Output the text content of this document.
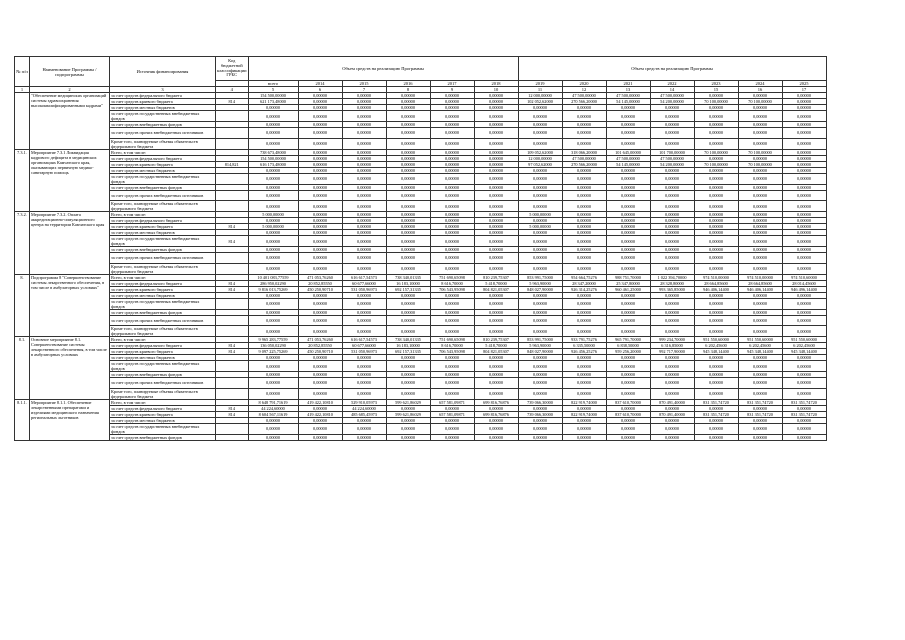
№ п/п	Наименование Программы / подпрограммы	Источник финансирования	Код бюджетной классификации ГРБС	Объем средств на реализацию Программы						Объем средств на реализацию Программы						
				всего	2014	2015	2016	2017	2018	2019	2020	2021	2022	2023	2024	2025
1	2	3	4	5	6	7	8	9	10	11	12	13	14	15	16	17
	"Обеспечение медицинских организаций системы здравоохранения высококвалифицированными кадрами"	за счет средств федерального бюджета		154 500,00000	0,00000	0,00000	0,00000	0,00000	0,00000	12 000,00000	47 500,00000	47 500,00000	47 500,00000	0,00000	0,00000	0,00000
		за счет средств краевого бюджета	814	621 173,48000	0,00000	0,00000	0,00000	0,00000	0,00000	102 052,62000	270 566,20000	54 145,00000	54 200,00000	70 100,00000	70 100,00000	0,00000
		за счет средств местных бюджетов		0,00000	0,00000	0,00000	0,00000	0,00000	0,00000	0,00000	0,00000	0,00000	0,00000	0,00000	0,00000	0,00000
		за счет средств государственных внебюджетных фондов		0,00000	0,00000	0,00000	0,00000	0,00000	0,00000	0,00000	0,00000	0,00000	0,00000	0,00000	0,00000	0,00000
		за счет средств внебюджетных фондов		0,00000	0,00000	0,00000	0,00000	0,00000	0,00000	0,00000	0,00000	0,00000	0,00000	0,00000	0,00000	0,00000
		за счет средств прочих внебюджетных источников		0,00000	0,00000	0,00000	0,00000	0,00000	0,00000	0,00000	0,00000	0,00000	0,00000	0,00000	0,00000	0,00000
		Кроме того, планируемые объемы обязательств федерального бюджета		0,00000	0,00000	0,00000	0,00000	0,00000	0,00000	0,00000	0,00000	0,00000	0,00000	0,00000	0,00000	0,00000
7.3.1.	Мероприятие 7.3.1 Ликвидация кадрового дефицита в медицинских организациях Камчатского края, оказывающих первичную медико-санитарную помощь	Всего, в том числе:		738 673,48000	0,00000	0,00000	0,00000	0,00000	0,00000	109 052,62000	318 066,20000	101 645,00000	101 700,00000	70 100,00000	70 100,00000	0,00000
		за счет средств федерального бюджета		154 500,00000	0,00000	0,00000	0,00000	0,00000	0,00000	12 000,00000	47 500,00000	47 500,00000	47 500,00000	0,00000	0,00000	0,00000
		за счет средств краевого бюджета	814,821	616 173,48000	0,00000	0,00000	0,00000	0,00000	0,00000	97 052,62000	270 566,20000	54 145,00000	54 200,00000	70 100,00000	70 100,00000	0,00000
		за счет средств местных бюджетов		0,00000	0,00000	0,00000	0,00000	0,00000	0,00000	0,00000	0,00000	0,00000	0,00000	0,00000	0,00000	0,00000
		за счет средств государственных внебюджетных фондов		0,00000	0,00000	0,00000	0,00000	0,00000	0,00000	0,00000	0,00000	0,00000	0,00000	0,00000	0,00000	0,00000
		за счет средств внебюджетных фондов		0,00000	0,00000	0,00000	0,00000	0,00000	0,00000	0,00000	0,00000	0,00000	0,00000	0,00000	0,00000	0,00000
		за счет средств прочих внебюджетных источников		0,00000	0,00000	0,00000	0,00000	0,00000	0,00000	0,00000	0,00000	0,00000	0,00000	0,00000	0,00000	0,00000
		Кроме того, планируемые объемы обязательств федерального бюджета		0,00000	0,00000	0,00000	0,00000	0,00000	0,00000	0,00000	0,00000	0,00000	0,00000	0,00000	0,00000	0,00000
7.3.2.	Мероприятие 7.3.2. Оплата аккредитационно-симуляционного центра на территории Камчатского края	Всего, в том числе:		5 000,00000	0,00000	0,00000	0,00000	0,00000	0,00000	5 000,00000	0,00000	0,00000	0,00000	0,00000	0,00000	0,00000
		за счет средств федерального бюджета		0,00000	0,00000	0,00000	0,00000	0,00000	0,00000	0,00000	0,00000	0,00000	0,00000	0,00000	0,00000	0,00000
		за счет средств краевого бюджета	814	5 000,00000	0,00000	0,00000	0,00000	0,00000	0,00000	5 000,00000	0,00000	0,00000	0,00000	0,00000	0,00000	0,00000
		за счет средств местных бюджетов		0,00000	0,00000	0,00000	0,00000	0,00000	0,00000	0,00000	0,00000	0,00000	0,00000	0,00000	0,00000	0,00000
		за счет средств государственных внебюджетных фондов	814	0,00000	0,00000	0,00000	0,00000	0,00000	0,00000	0,00000	0,00000	0,00000	0,00000	0,00000	0,00000	0,00000
		за счет средств внебюджетных фондов		0,00000	0,00000	0,00000	0,00000	0,00000	0,00000	0,00000	0,00000	0,00000	0,00000	0,00000	0,00000	0,00000
		за счет средств прочих внебюджетных источников		0,00000	0,00000	0,00000	0,00000	0,00000	0,00000	0,00000	0,00000	0,00000	0,00000	0,00000	0,00000	0,00000
		Кроме того, планируемые объемы обязательств федерального бюджета		0,00000	0,00000	0,00000	0,00000	0,00000	0,00000	0,00000	0,00000	0,00000	0,00000	0,00000	0,00000	0,00000
8.	Подпрограмма 8 "Совершенствование системы лекарственного обеспечения, в том числе в амбулаторных условиях"	Всего, в том числе:		10 401 083,77559	471 053,76260	616 617,54573	738 340,01335	751 690,65098	810 239,75307	853 991,75000	954 664,75276	988 751,70000	1 022 394,70000	974 510,00000	974 510,00000	974 510,60000
		за счет средств федерального бюджета	814	286 950,02290	20 852,85550	60 677,66000	16 183,10000	8 616,70000	5 418,70000	5 963,90000	28 347,20000	25 347,80000	28 328,80000	28 664,85600	28 664,85600	28 014,45600
		за счет средств краевого бюджета	814	9 816 013,75269	450 250,90710	531 050,96973	692 157,31335	706 543,95098	804 821,05307	848 027,90000	926 314,25276	960 461,25000	993 365,85000	946 406,14400	946 406,14400	946 496,14400
		за счет средств местных бюджетов		0,00000	0,00000	0,00000	0,00000	0,00000	0,00000	0,00000	0,00000	0,00000	0,00000	0,00000	0,00000	0,00000
		за счет средств государственных внебюджетных фондов		0,00000	0,00000	0,00000	0,00000	0,00000	0,00000	0,00000	0,00000	0,00000	0,00000	0,00000	0,00000	0,00000
		за счет средств внебюджетных фондов		0,00000	0,00000	0,00000	0,00000	0,00000	0,00000	0,00000	0,00000	0,00000	0,00000	0,00000	0,00000	0,00000
		за счет средств прочих внебюджетных источников		0,00000	0,00000	0,00000	0,00000	0,00000	0,00000	0,00000	0,00000	0,00000	0,00000	0,00000	0,00000	0,00000
		Кроме того, планируемые объемы обязательств федерального бюджета		0,00000	0,00000	0,00000	0,00000	0,00000	0,00000	0,00000	0,00000	0,00000	0,00000	0,00000	0,00000	0,00000
8.1.	Основное мероприятие 8.1. Совершенствование системы лекарственного обеспечения, в том числе в амбулаторных условиях	Всего, в том числе:		9 965 283,77559	471 053,76260	616 617,54573	738 340,01335	751 690,65098	810 239,75307	853 991,75000	933 791,75276	965 791,70000	999 234,70000	951 550,60000	951 550,60000	951 550,60000
		за счет средств федерального бюджета	814	136 050,02290	20 852,85550	60 677,66000	16 183,10000	8 616,70000	5 418,70000	5 963,90000	6 335,50000	6 838,50000	6 316,85000	6 202,45600	6 202,45600	6 202,45600
		за счет средств краевого бюджета	814	9 097 225,75269	450 250,90710	531 050,96973	692 157,31335	706 543,95098	804 821,05307	848 027,90000	926 456,25276	959 256,20000	992 717,90000	945 348,14400	945 348,14400	945 348,14400
		за счет средств местных бюджетов		0,00000	0,00000	0,00000	0,00000	0,00000	0,00000	0,00000	0,00000	0,00000	0,00000	0,00000	0,00000	0,00000
		за счет средств государственных внебюджетных фондов		0,00000	0,00000	0,00000	0,00000	0,00000	0,00000	0,00000	0,00000	0,00000	0,00000	0,00000	0,00000	0,00000
		за счет средств внебюджетных фондов		0,00000	0,00000	0,00000	0,00000	0,00000	0,00000	0,00000	0,00000	0,00000	0,00000	0,00000	0,00000	0,00000
		за счет средств прочих внебюджетных источников		0,00000	0,00000	0,00000	0,00000	0,00000	0,00000	0,00000	0,00000	0,00000	0,00000	0,00000	0,00000	0,00000
		Кроме того, планируемые объемы обязательств федерального бюджета		0,00000	0,00000	0,00000	0,00000	0,00000	0,00000	0,00000	0,00000	0,00000	0,00000	0,00000	0,00000	0,00000
8.1.1.	Мероприятие 8.1.1. Обеспечение лекарственными препаратами и изделиями медицинского назначения региональных льготников	Всего, в том числе:		8 648 791,71619	419 422,10810	529 910,05973	599 621,86029	657 581,09871	699 816,76876	739 066,30000	822 919,74000	837 610,70000	870 491,40000	831 351,74720	831 351,74720	831 351,74720
		за счет средств федерального бюджета	814	44 224,60000	0,00000	44 224,60000	0,00000	0,00000	0,00000	0,00000	0,00000	0,00000	0,00000	0,00000	0,00000	0,00000
		за счет средств краевого бюджета	814	8 604 567,11619	419 422,10810	485 685,45973	599 621,86029	657 581,09871	699 816,76876	739 066,30000	822 919,74000	837 610,70000	870 491,40000	831 351,74720	831 351,74720	831 351,74720
		за счет средств местных бюджетов		0,00000	0,00000	0,00000	0,00000	0,00000	0,00000	0,00000	0,00000	0,00000	0,00000	0,00000	0,00000	0,00000
		за счет средств государственных внебюджетных фондов		0,00000	0,00000	0,00000	0,00000	0,00000	0,00000	0,00000	0,00000	0,00000	0,00000	0,00000	0,00000	0,00000
		за счет средств внебюджетных фондов		0,00000	0,00000	0,00000	0,00000	0,00000	0,00000	0,00000	0,00000	0,00000	0,00000	0,00000	0,00000	0,00000
